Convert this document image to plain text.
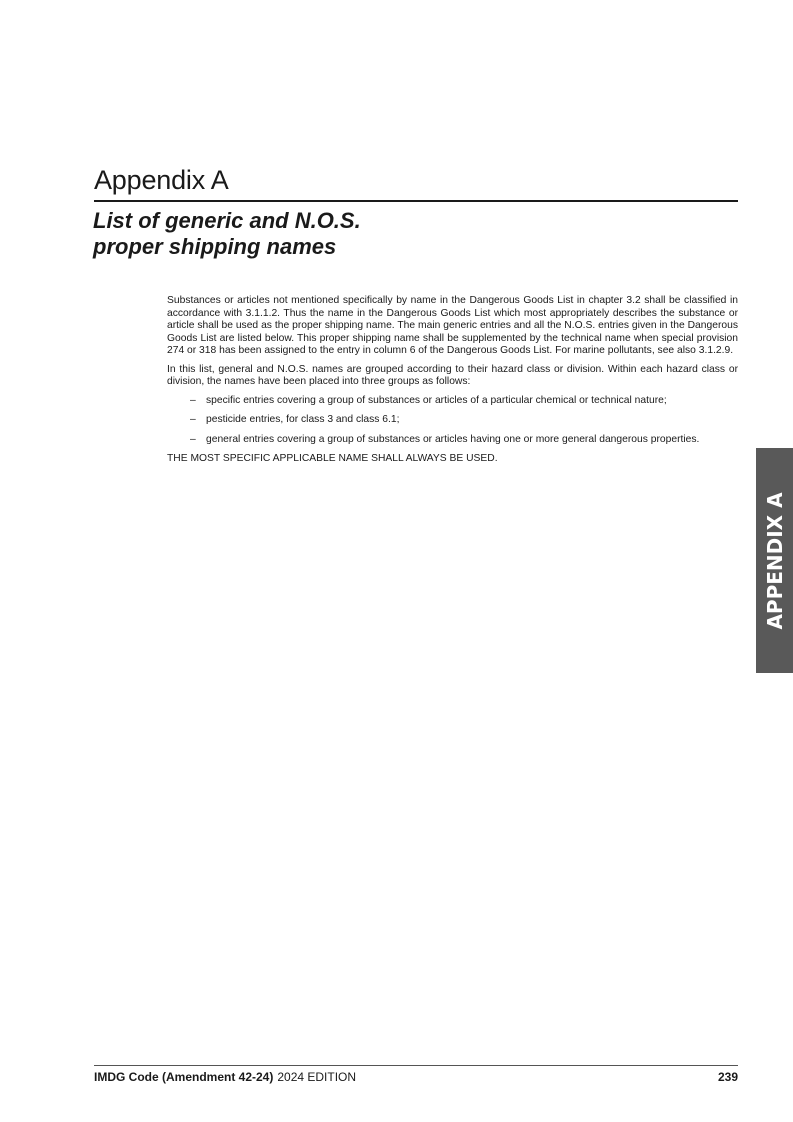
Appendix A
List of generic and N.O.S.
proper shipping names

Substances or articles not mentioned specifically by name in the Dangerous Goods List in chapter 3.2 shall be classified in accordance with 3.1.1.2. Thus the name in the Dangerous Goods List which most appropriately describes the substance or article shall be used as the proper shipping name. The main generic entries and all the N.O.S. entries given in the Dangerous Goods List are listed below. This proper shipping name shall be supplemented by the technical name when special provision 274 or 318 has been assigned to the entry in column 6 of the Dangerous Goods List. For marine pollutants, see also 3.1.2.9.

In this list, general and N.O.S. names are grouped according to their hazard class or division. Within each hazard class or division, the names have been placed into three groups as follows:

– specific entries covering a group of substances or articles of a particular chemical or technical nature;
– pesticide entries, for class 3 and class 6.1;
– general entries covering a group of substances or articles having one or more general dangerous properties.

THE MOST SPECIFIC APPLICABLE NAME SHALL ALWAYS BE USED.

APPENDIX A
IMDG Code (Amendment 42-24) 2024 EDITION	239
